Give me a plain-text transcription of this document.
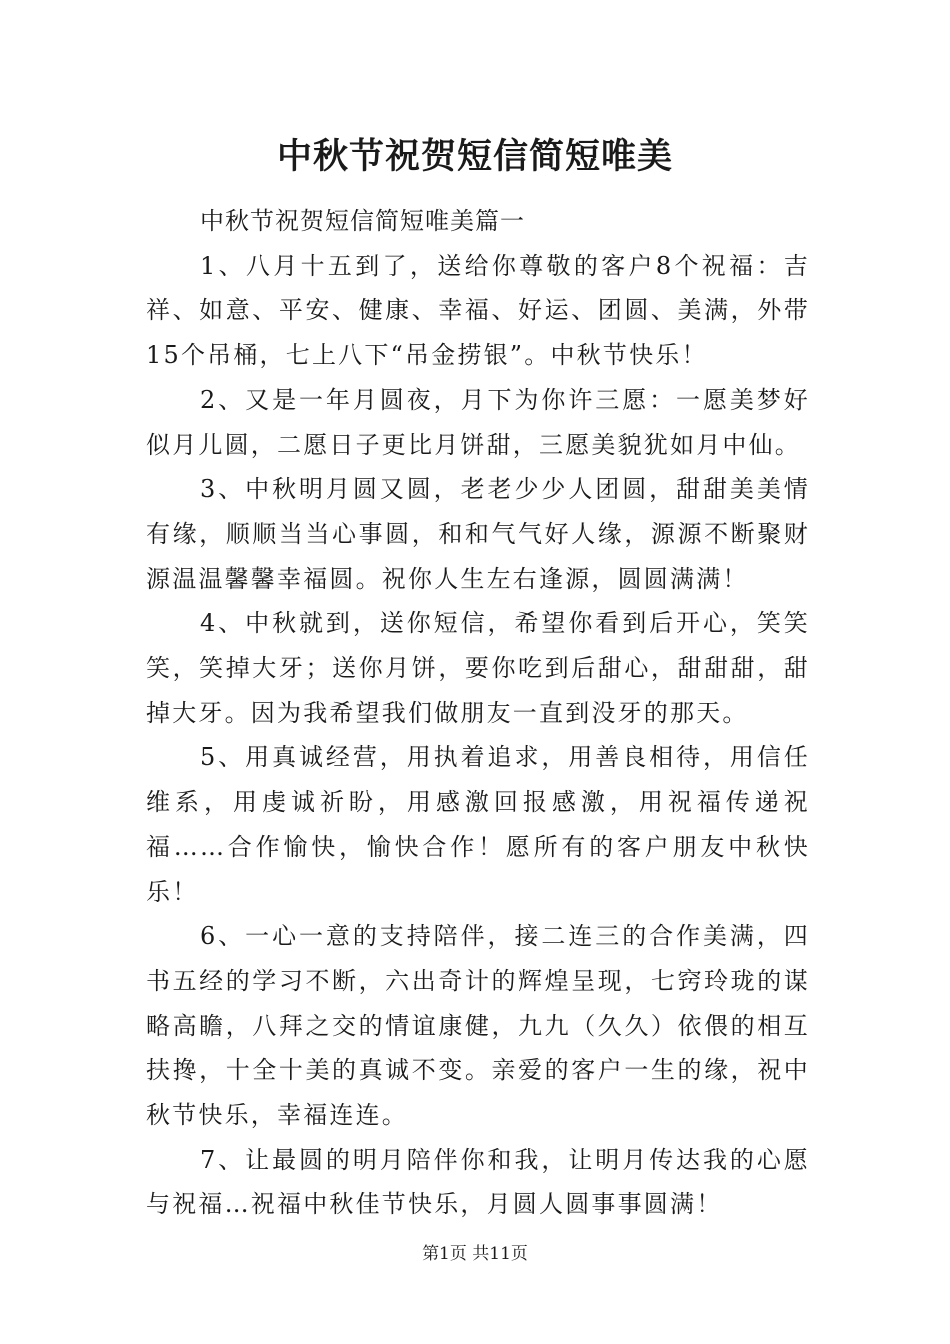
中秋节祝贺短信简短唯美

中秋节祝贺短信简短唯美篇一

1、八月十五到了，送给你尊敬的客户8个祝福：吉祥、如意、平安、健康、幸福、好运、团圆、美满，外带15个吊桶，七上八下“吊金捞银”。中秋节快乐！

2、又是一年月圆夜，月下为你许三愿：一愿美梦好似月儿圆，二愿日子更比月饼甜，三愿美貌犹如月中仙。

3、中秋明月圆又圆，老老少少人团圆，甜甜美美情有缘，顺顺当当心事圆，和和气气好人缘，源源不断聚财源温温馨馨幸福圆。祝你人生左右逢源，圆圆满满！

4、中秋就到，送你短信，希望你看到后开心，笑笑笑，笑掉大牙；送你月饼，要你吃到后甜心，甜甜甜，甜掉大牙。因为我希望我们做朋友一直到没牙的那天。

5、用真诚经营，用执着追求，用善良相待，用信任维系，用虔诚祈盼，用感激回报感激，用祝福传递祝福……合作愉快，愉快合作！愿所有的客户朋友中秋快乐！

6、一心一意的支持陪伴，接二连三的合作美满，四书五经的学习不断，六出奇计的辉煌呈现，七窍玲珑的谋略高瞻，八拜之交的情谊康健，九九（久久）依偎的相互扶搀，十全十美的真诚不变。亲爱的客户一生的缘，祝中秋节快乐，幸福连连。

7、让最圆的明月陪伴你和我，让明月传达我的心愿与祝福…祝福中秋佳节快乐，月圆人圆事事圆满！

第1页 共11页
